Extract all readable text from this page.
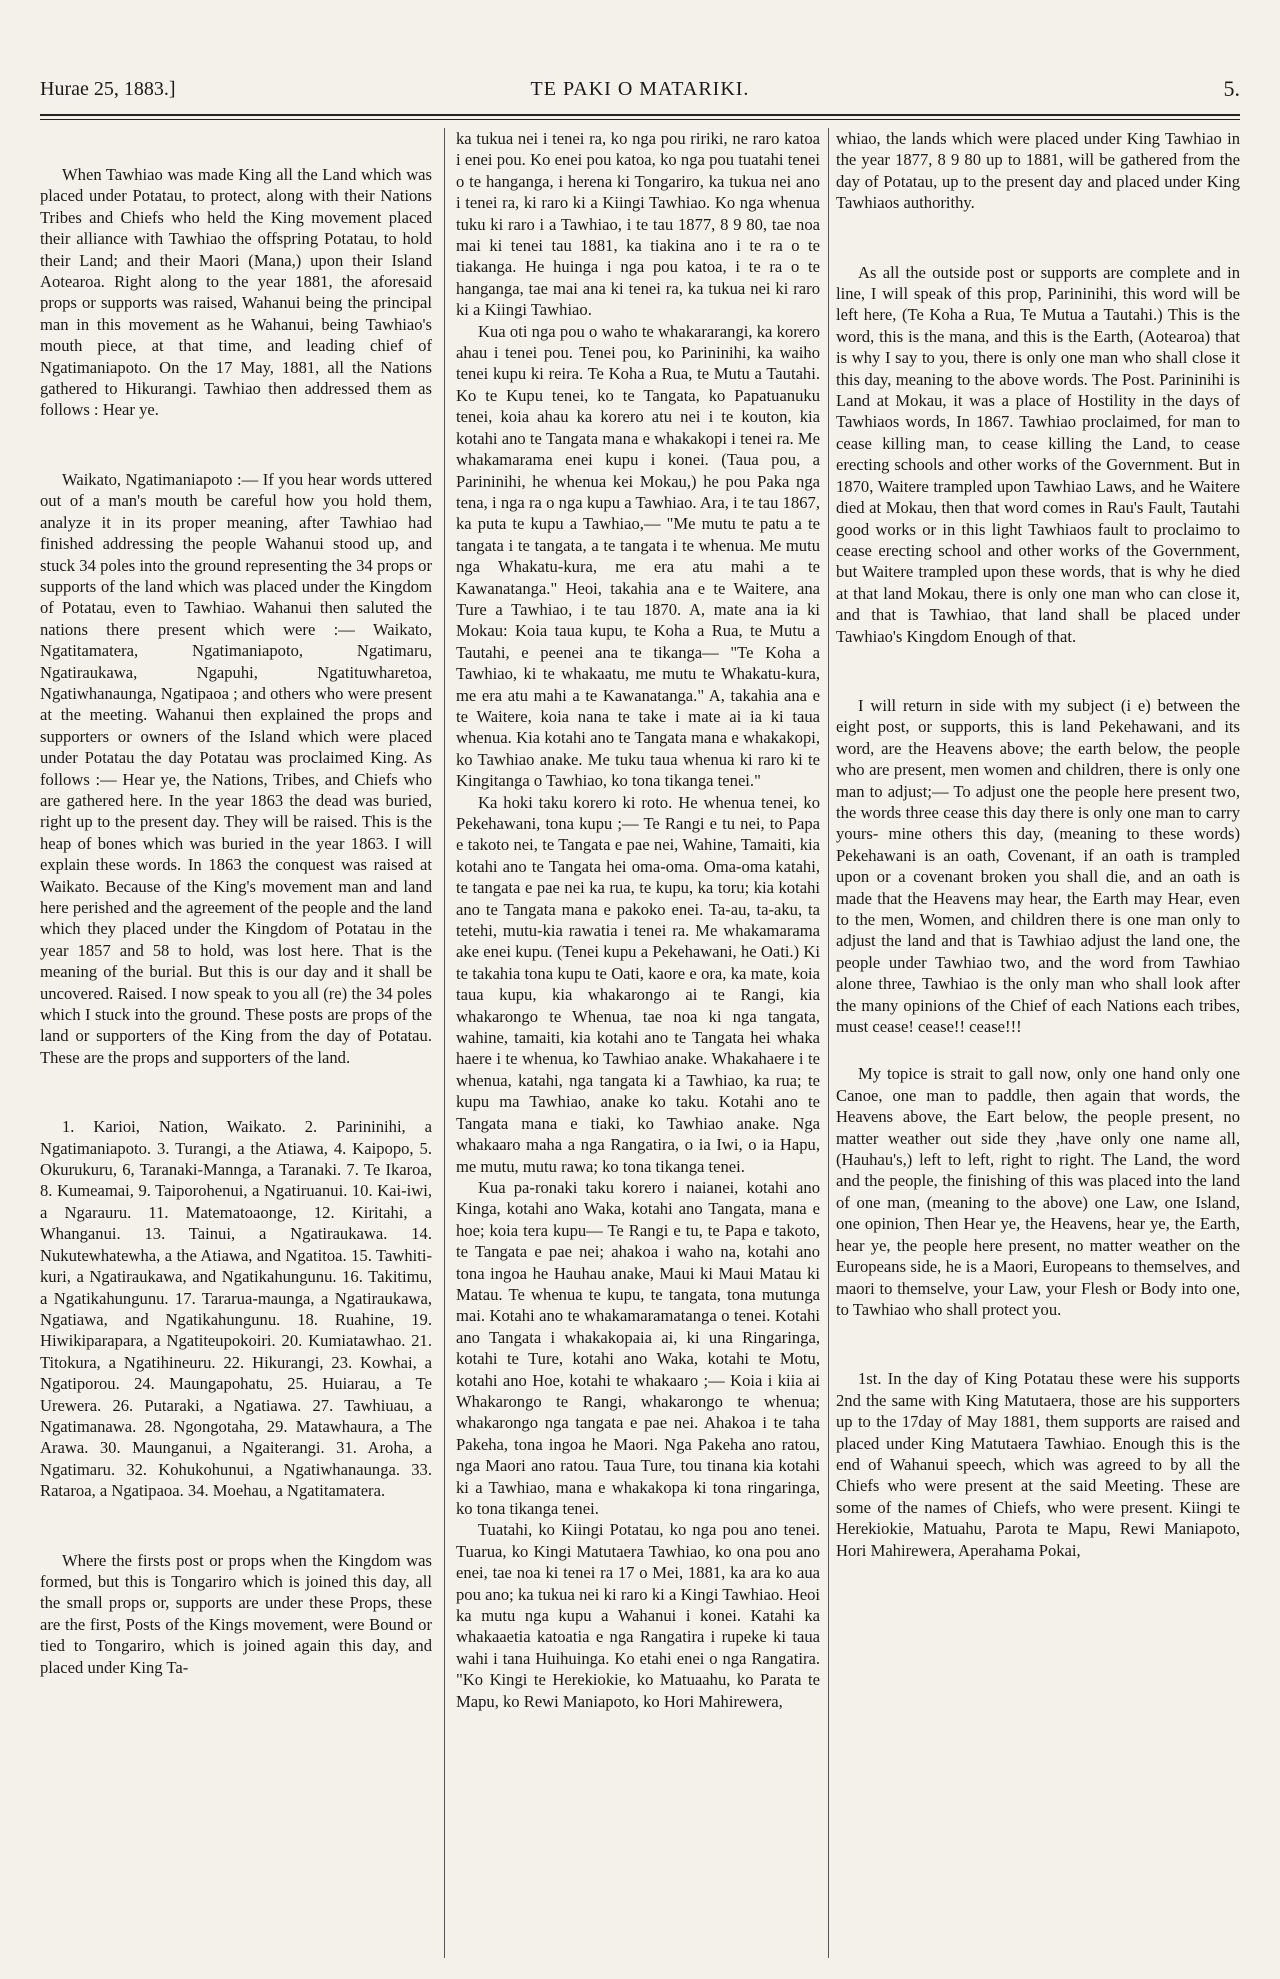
Hurae 25, 1883.]	TE PAKI O MATARIKI.	5.

When Tawhiao was made King all the Land which was placed under Potatau, to protect, along with their Nations Tribes and Chiefs who held the King movement placed their alliance with Tawhiao the offspring Potatau, to hold their Land; and their Maori (Mana,) upon their Island Aotearoa. Right along to the year 1881, the aforesaid props or supports was raised, Wahanui being the principal man in this movement as he Wahanui, being Tawhiao's mouth piece, at that time, and leading chief of Ngatimaniapoto. On the 17 May, 1881, all the Nations gathered to Hikurangi. Tawhiao then addressed them as follows : Hear ye.

Waikato, Ngatimaniapoto :— If you hear words uttered out of a man's mouth be careful how you hold them, analyze it in its proper meaning, after Tawhiao had finished addressing the people Wahanui stood up, and stuck 34 poles into the ground representing the 34 props or supports of the land which was placed under the Kingdom of Potatau, even to Tawhiao. Wahanui then saluted the nations there present which were :— Waikato, Ngatitamatera, Ngatimaniapoto, Ngatimaru, Ngatiraukawa, Ngapuhi, Ngatituwharetoa, Ngatiwhanaunga, Ngatipaoa ; and others who were present at the meeting. Wahanui then explained the props and supporters or owners of the Island which were placed under Potatau the day Potatau was proclaimed King. As follows :— Hear ye, the Nations, Tribes, and Chiefs who are gathered here. In the year 1863 the dead was buried, right up to the present day. They will be raised. This is the heap of bones which was buried in the year 1863. I will explain these words. In 1863 the conquest was raised at Waikato. Because of the King's movement man and land here perished and the agreement of the people and the land which they placed under the Kingdom of Potatau in the year 1857 and 58 to hold, was lost here. That is the meaning of the burial. But this is our day and it shall be uncovered. Raised. I now speak to you all (re) the 34 poles which I stuck into the ground. These posts are props of the land or supporters of the King from the day of Potatau. These are the props and supporters of the land.

1. Karioi, Nation, Waikato. 2. Parininihi, a Ngatimaniapoto. 3. Turangi, a the Atiawa, 4. Kaipopo, 5. Okurukuru, 6, Taranaki-Mannga, a Taranaki. 7. Te Ikaroa, 8. Kumeamai, 9. Taiporohenui, a Ngatiruanui. 10. Kai-iwi, a Ngarauru. 11. Matematoaonge, 12. Kiritahi, a Whanganui. 13. Tainui, a Ngatiraukawa. 14. Nukutewhatewha, a the Atiawa, and Ngatitoa. 15. Tawhiti-kuri, a Ngatiraukawa, and Ngatikahungunu. 16. Takitimu, a Ngatikahungunu. 17. Tararua-maunga, a Ngatiraukawa, Ngatiawa, and Ngatikahungunu. 18. Ruahine, 19. Hiwikiparapara, a Ngatiteupokoiri. 20. Kumiatawhao. 21. Titokura, a Ngatihineuru. 22. Hikurangi, 23. Kowhai, a Ngatiporou. 24. Maungapohatu, 25. Huiarau, a Te Urewera. 26. Putaraki, a Ngatiawa. 27. Tawhiuau, a Ngatimanawa. 28. Ngongotaha, 29. Matawhaura, a The Arawa. 30. Maunganui, a Ngaiterangi. 31. Aroha, a Ngatimaru. 32. Kohukohunui, a Ngatiwhanaunga. 33. Rataroa, a Ngatipaoa. 34. Moehau, a Ngatitamatera.

Where the firsts post or props when the Kingdom was formed, but this is Tongariro which is joined this day, all the small props or, supports are under these Props, these are the first, Posts of the Kings movement, were Bound or tied to Tongariro, which is joined again this day, and placed under King Ta-

ka tukua nei i tenei ra, ko nga pou ririki, ne raro katoa i enei pou. Ko enei pou katoa, ko nga pou tuatahi tenei o te hanganga, i herena ki Tongariro, ka tukua nei ano i tenei ra, ki raro ki a Kiingi Tawhiao. Ko nga whenua tuku ki raro i a Tawhiao, i te tau 1877, 8 9 80, tae noa mai ki tenei tau 1881, ka tiakina ano i te ra o te tiakanga. He huinga i nga pou katoa, i te ra o te hanganga, tae mai ana ki tenei ra, ka tukua nei ki raro ki a Kiingi Tawhiao.

Kua oti nga pou o waho te whakararangi, ka korero ahau i tenei pou. Tenei pou, ko Parininihi, ka waiho tenei kupu ki reira. Te Koha a Rua, te Mutu a Tautahi. Ko te Kupu tenei, ko te Tangata, ko Papatuanuku tenei, koia ahau ka korero atu nei i te kouton, kia kotahi ano te Tangata mana e whakakopi i tenei ra. Me whakamarama enei kupu i konei. (Taua pou, a Parininihi, he whenua kei Mokau,) he pou Paka nga tena, i nga ra o nga kupu a Tawhiao. Ara, i te tau 1867, ka puta te kupu a Tawhiao,— "Me mutu te patu a te tangata i te tangata, a te tangata i te whenua. Me mutu nga Whakatu-kura, me era atu mahi a te Kawanatanga." Heoi, takahia ana e te Waitere, ana Ture a Tawhiao, i te tau 1870. A, mate ana ia ki Mokau: Koia taua kupu, te Koha a Rua, te Mutu a Tautahi, e peenei ana te tikanga— "Te Koha a Tawhiao, ki te whakaatu, me mutu te Whakatu-kura, me era atu mahi a te Kawanatanga." A, takahia ana e te Waitere, koia nana te take i mate ai ia ki taua whenua. Kia kotahi ano te Tangata mana e whakakopi, ko Tawhiao anake. Me tuku taua whenua ki raro ki te Kingitanga o Tawhiao, ko tona tikanga tenei."

Ka hoki taku korero ki roto. He whenua tenei, ko Pekehawani, tona kupu ;— Te Rangi e tu nei, to Papa e takoto nei, te Tangata e pae nei, Wahine, Tamaiti, kia kotahi ano te Tangata hei oma-oma. Oma-oma katahi, te tangata e pae nei ka rua, te kupu, ka toru; kia kotahi ano te Tangata mana e pakoko enei. Ta-au, ta-aku, ta tetehi, mutu-kia rawatia i tenei ra. Me whakamarama ake enei kupu. (Tenei kupu a Pekehawani, he Oati.) Ki te takahia tona kupu te Oati, kaore e ora, ka mate, koia taua kupu, kia whakarongo ai te Rangi, kia whakarongo te Whenua, tae noa ki nga tangata, wahine, tamaiti, kia kotahi ano te Tangata hei whaka haere i te whenua, ko Tawhiao anake. Whakahaere i te whenua, katahi, nga tangata ki a Tawhiao, ka rua; te kupu ma Tawhiao, anake ko taku. Kotahi ano te Tangata mana e tiaki, ko Tawhiao anake. Nga whakaaro maha a nga Rangatira, o ia Iwi, o ia Hapu, me mutu, mutu rawa; ko tona tikanga tenei.

Kua pa-ronaki taku korero i naianei, kotahi ano Kinga, kotahi ano Waka, kotahi ano Tangata, mana e hoe; koia tera kupu— Te Rangi e tu, te Papa e takoto, te Tangata e pae nei; ahakoa i waho na, kotahi ano tona ingoa he Hauhau anake, Maui ki Maui Matau ki Matau. Te whenua te kupu, te tangata, tona mutunga mai. Kotahi ano te whakamaramatanga o tenei. Kotahi ano Tangata i whakakopaia ai, ki una Ringaringa, kotahi te Ture, kotahi ano Waka, kotahi te Motu, kotahi ano Hoe, kotahi te whakaaro ;— Koia i kiia ai Whakarongo te Rangi, whakarongo te whenua; whakarongo nga tangata e pae nei. Ahakoa i te taha Pakeha, tona ingoa he Maori. Nga Pakeha ano ratou, nga Maori ano ratou. Taua Ture, tou tinana kia kotahi ki a Tawhiao, mana e whakakopa ki tona ringaringa, ko tona tikanga tenei.

Tuatahi, ko Kiingi Potatau, ko nga pou ano tenei. Tuarua, ko Kingi Matutaera Tawhiao, ko ona pou ano enei, tae noa ki tenei ra 17 o Mei, 1881, ka ara ko aua pou ano; ka tukua nei ki raro ki a Kingi Tawhiao. Heoi ka mutu nga kupu a Wahanui i konei. Katahi ka whakaaetia katoatia e nga Rangatira i rupeke ki taua wahi i tana Huihuinga. Ko etahi enei o nga Rangatira. "Ko Kingi te Herekiokie, ko Matuaahu, ko Parata te Mapu, ko Rewi Maniapoto, ko Hori Mahirewera,

whiao, the lands which were placed under King Tawhiao in the year 1877, 8 9 80 up to 1881, will be gathered from the day of Potatau, up to the present day and placed under King Tawhiaos authorithy.

As all the outside post or supports are complete and in line, I will speak of this prop, Parininihi, this word will be left here, (Te Koha a Rua, Te Mutua a Tautahi.) This is the word, this is the mana, and this is the Earth, (Aotearoa) that is why I say to you, there is only one man who shall close it this day, meaning to the above words. The Post. Parininihi is Land at Mokau, it was a place of Hostility in the days of Tawhiaos words, In 1867. Tawhiao proclaimed, for man to cease killing man, to cease killing the Land, to cease erecting schools and other works of the Government. But in 1870, Waitere trampled upon Tawhiao Laws, and he Waitere died at Mokau, then that word comes in Rau's Fault, Tautahi good works or in this light Tawhiaos fault to proclaimo to cease erecting school and other works of the Government, but Waitere trampled upon these words, that is why he died at that land Mokau, there is only one man who can close it, and that is Tawhiao, that land shall be placed under Tawhiao's Kingdom Enough of that.

I will return in side with my subject (i e) between the eight post, or supports, this is land Pekehawani, and its word, are the Heavens above; the earth below, the people who are present, men women and children, there is only one man to adjust;— To adjust one the people here present two, the words three cease this day there is only one man to carry yours- mine others this day, (meaning to these words) Pekehawani is an oath, Covenant, if an oath is trampled upon or a covenant broken you shall die, and an oath is made that the Heavens may hear, the Earth may Hear, even to the men, Women, and children there is one man only to adjust the land and that is Tawhiao adjust the land one, the people under Tawhiao two, and the word from Tawhiao alone three, Tawhiao is the only man who shall look after the many opinions of the Chief of each Nations each tribes, must cease! cease!! cease!!!

My topice is strait to gall now, only one hand only one Canoe, one man to paddle, then again that words, the Heavens above, the Eart below, the people present, no matter weather out side they ,have only one name all, (Hauhau's,) left to left, right to right. The Land, the word and the people, the finishing of this was placed into the land of one man, (meaning to the above) one Law, one Island, one opinion, Then Hear ye, the Heavens, hear ye, the Earth, hear ye, the people here present, no matter weather on the Europeans side, he is a Maori, Europeans to themselves, and maori to themselve, your Law, your Flesh or Body into one, to Tawhiao who shall protect you.

1st. In the day of King Potatau these were his supports 2nd the same with King Matutaera, those are his supporters up to the 17day of May 1881, them supports are raised and placed under King Matutaera Tawhiao. Enough this is the end of Wahanui speech, which was agreed to by all the Chiefs who were present at the said Meeting. These are some of the names of Chiefs, who were present. Kiingi te Herekiokie, Matuahu, Parota te Mapu, Rewi Maniapoto, Hori Mahirewera, Aperahama Pokai,
